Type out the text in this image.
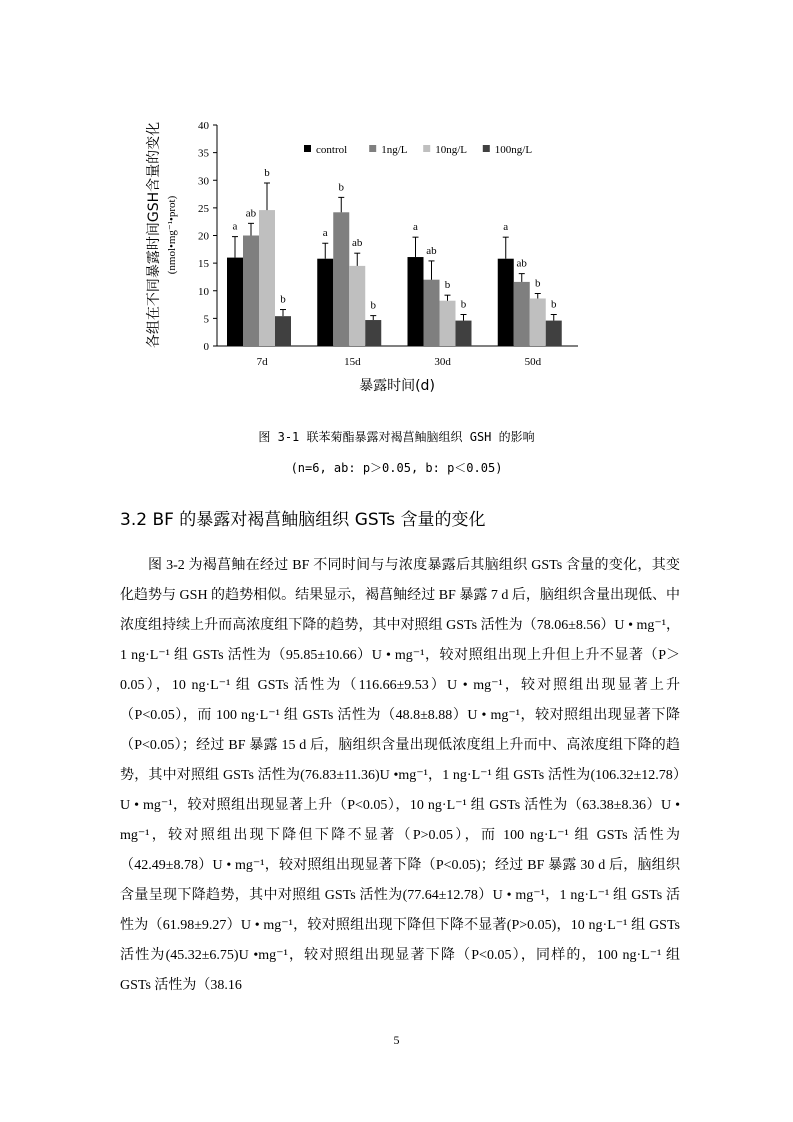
0
5
10
15
20
25
30
35
40
a
ab
b
b
a
b
ab
b
a
ab
b
b
a
ab
b
b
7d	15d	30d	50d
control	1ng/L	10ng/L	100ng/L
暴露时间(d)
各组在不同暴露时间GSH含量的变化 (nmol•mg⁻¹•prot)
图 3-1 联苯菊酯暴露对褐菖鲉脑组织 GSH 的影响
(n=6, ab: p＞0.05, b: p＜0.05)
3.2 BF 的暴露对褐菖鲉脑组织 GSTs 含量的变化

图 3-2 为褐菖鲉在经过 BF 不同时间与与浓度暴露后其脑组织 GSTs 含量的变化，其变化趋势与 GSH 的趋势相似。结果显示，褐菖鲉经过 BF 暴露 7 d 后，脑组织含量出现低、中浓度组持续上升而高浓度组下降的趋势，其中对照组 GSTs 活性为（78.06±8.56）U • mg⁻¹，1 ng·L⁻¹ 组 GSTs 活性为（95.85±10.66）U • mg⁻¹，较对照组出现上升但上升不显著（P＞0.05），10 ng·L⁻¹ 组 GSTs 活性为（116.66±9.53）U • mg⁻¹，较对照组出现显著上升（P<0.05），而 100 ng·L⁻¹ 组 GSTs 活性为（48.8±8.88）U • mg⁻¹，较对照组出现显著下降（P<0.05）；经过 BF 暴露 15 d 后，脑组织含量出现低浓度组上升而中、高浓度组下降的趋势，其中对照组 GSTs 活性为(76.83±11.36)U •mg⁻¹，1 ng·L⁻¹ 组 GSTs 活性为(106.32±12.78）U • mg⁻¹，较对照组出现显著上升（P<0.05），10 ng·L⁻¹ 组 GSTs 活性为（63.38±8.36）U • mg⁻¹，较对照组出现下降但下降不显著（P>0.05），而 100 ng·L⁻¹ 组 GSTs 活性为（42.49±8.78）U • mg⁻¹，较对照组出现显著下降（P<0.05)；经过 BF 暴露 30 d 后，脑组织含量呈现下降趋势，其中对照组 GSTs 活性为(77.64±12.78）U • mg⁻¹，1 ng·L⁻¹ 组 GSTs 活性为（61.98±9.27）U • mg⁻¹，较对照组出现下降但下降不显著(P>0.05)，10 ng·L⁻¹ 组 GSTs 活性为(45.32±6.75)U •mg⁻¹，较对照组出现显著下降（P<0.05），同样的，100 ng·L⁻¹ 组 GSTs 活性为（38.16

5
